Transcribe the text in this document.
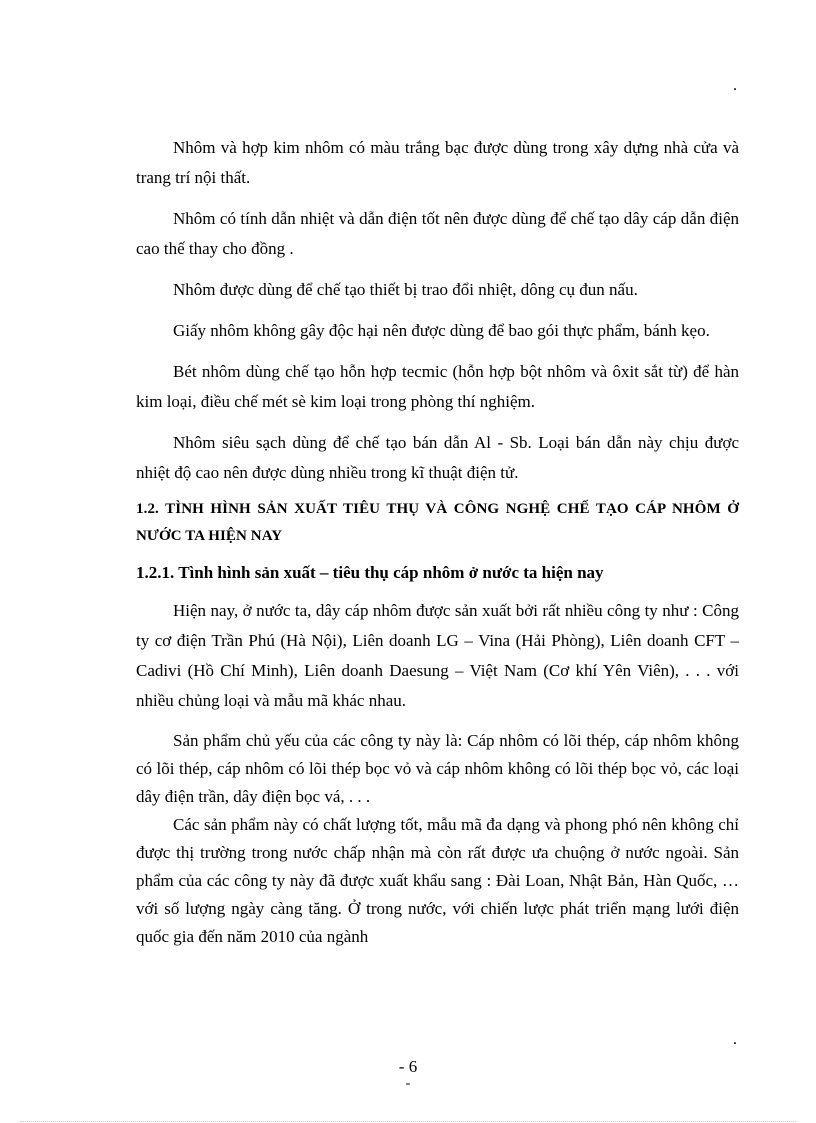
.

Nhôm và hợp kim nhôm có màu trắng bạc được dùng trong xây dựng nhà cửa và trang trí nội thất.

Nhôm có tính dẫn nhiệt và dẫn điện tốt nên được dùng để chế tạo dây cáp dẫn điện cao thế thay cho đồng .

Nhôm được dùng để chế tạo thiết bị trao đổi nhiệt, dông cụ đun nấu.

Giấy nhôm không gây độc hại nên được dùng để bao gói thực phẩm, bánh kẹo.

Bét nhôm dùng chế tạo hỗn hợp tecmic (hỗn hợp bột nhôm và ôxit sắt từ) để hàn kim loại, điều chế mét sè kim loại trong phòng thí nghiệm.

Nhôm siêu sạch dùng để chế tạo bán dẫn Al - Sb. Loại bán dẫn này chịu được nhiệt độ cao nên được dùng nhiều trong kĩ thuật điện tử.

1.2. TÌNH HÌNH SẢN XUẤT TIÊU THỤ VÀ CÔNG NGHỆ CHẾ TẠO CÁP NHÔM Ở NƯỚC TA HIỆN NAY
1.2.1. Tình hình sản xuất – tiêu thụ cáp nhôm ở nước ta hiện nay

Hiện nay, ở nước ta, dây cáp nhôm được sản xuất bởi rất nhiều công ty như : Công ty cơ điện Trần Phú (Hà Nội), Liên doanh LG – Vina (Hải Phòng), Liên doanh CFT – Cadivi (Hồ Chí Minh), Liên doanh Daesung – Việt Nam (Cơ khí Yên Viên), . . . với nhiều chủng loại và mẫu mã khác nhau.

Sản phẩm chủ yếu của các công ty này là: Cáp nhôm có lõi thép, cáp nhôm không có lõi thép, cáp nhôm có lõi thép bọc vỏ và cáp nhôm không có lõi thép bọc vỏ, các loại dây điện trần, dây điện bọc vá, . . .

Các sản phẩm này có chất lượng tốt, mẫu mã đa dạng và phong phó nên không chỉ được thị trường trong nước chấp nhận mà còn rất được ưa chuộng ở nước ngoài. Sản phẩm của các công ty này đã được xuất khẩu sang : Đài Loan, Nhật Bản, Hàn Quốc, … với số lượng ngày càng tăng. Ở trong nước, với chiến lược phát triển mạng lưới điện quốc gia đến năm 2010 của ngành

.
- 6
-
